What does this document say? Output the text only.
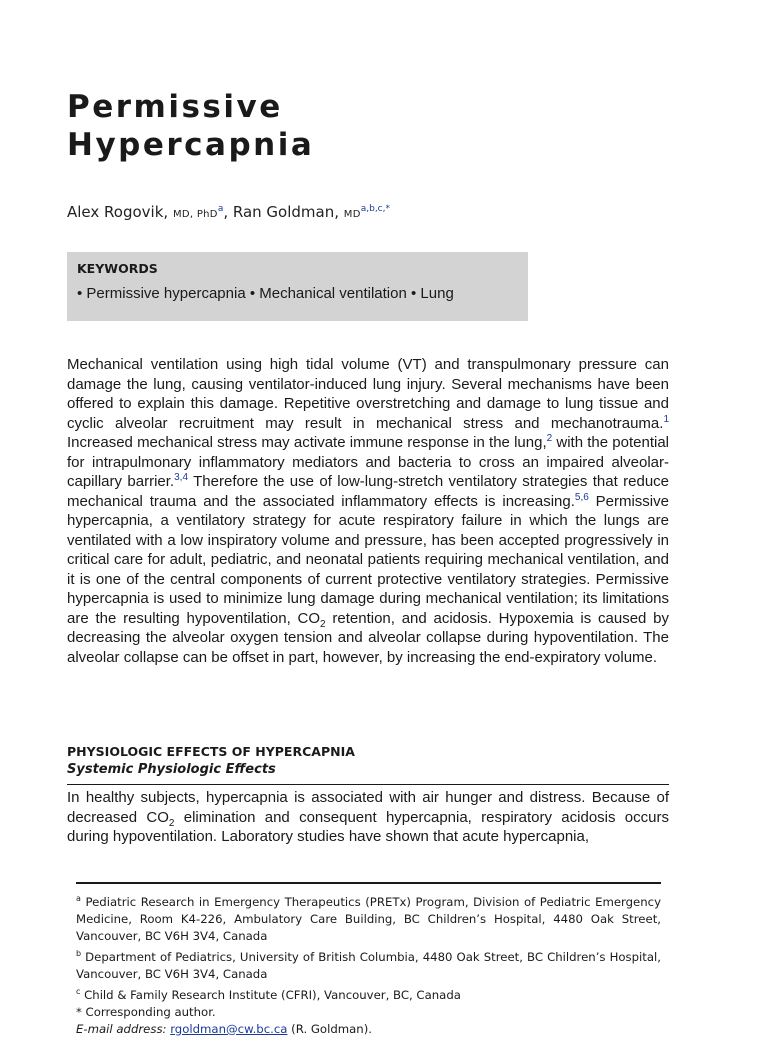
Permissive
Hypercapnia
Alex Rogovik, MD, PhD$^a$, Ran Goldman, MD$^{a,b,c,*}$
KEYWORDS
• Permissive hypercapnia • Mechanical ventilation • Lung

Mechanical ventilation using high tidal volume (VT) and transpulmonary pressure can damage the lung, causing ventilator-induced lung injury. Several mechanisms have been offered to explain this damage. Repetitive overstretching and damage to lung tissue and cyclic alveolar recruitment may result in mechanical stress and mechanotrauma.$^1$ Increased mechanical stress may activate immune response in the lung,$^2$ with the potential for intrapulmonary inflammatory mediators and bacteria to cross an impaired alveolar-capillary barrier.$^{3,4}$ Therefore the use of low-lung-stretch ventilatory strategies that reduce mechanical trauma and the associated inflammatory effects is increasing.$^{5,6}$ Permissive hypercapnia, a ventilatory strategy for acute respiratory failure in which the lungs are ventilated with a low inspiratory volume and pressure, has been accepted progressively in critical care for adult, pediatric, and neonatal patients requiring mechanical ventilation, and it is one of the central components of current protective ventilatory strategies. Permissive hypercapnia is used to minimize lung damage during mechanical ventilation; its limitations are the resulting hypoventilation, $CO_2$ retention, and acidosis. Hypoxemia is caused by decreasing the alveolar oxygen tension and alveolar collapse during hypoventilation. The alveolar collapse can be offset in part, however, by increasing the end-expiratory volume.

PHYSIOLOGIC EFFECTS OF HYPERCAPNIA
Systemic Physiologic Effects

In healthy subjects, hypercapnia is associated with air hunger and distress. Because of decreased $CO_2$ elimination and consequent hypercapnia, respiratory acidosis occurs during hypoventilation. Laboratory studies have shown that acute hypercapnia,

$^a$ Pediatric Research in Emergency Therapeutics (PRETx) Program, Division of Pediatric Emergency Medicine, Room K4-226, Ambulatory Care Building, BC Children’s Hospital, 4480 Oak Street, Vancouver, BC V6H 3V4, Canada

$^b$ Department of Pediatrics, University of British Columbia, 4480 Oak Street, BC Children’s Hospital, Vancouver, BC V6H 3V4, Canada

$^c$ Child & Family Research Institute (CFRI), Vancouver, BC, Canada

* Corresponding author.

E-mail address: rgoldman@cw.bc.ca (R. Goldman).
